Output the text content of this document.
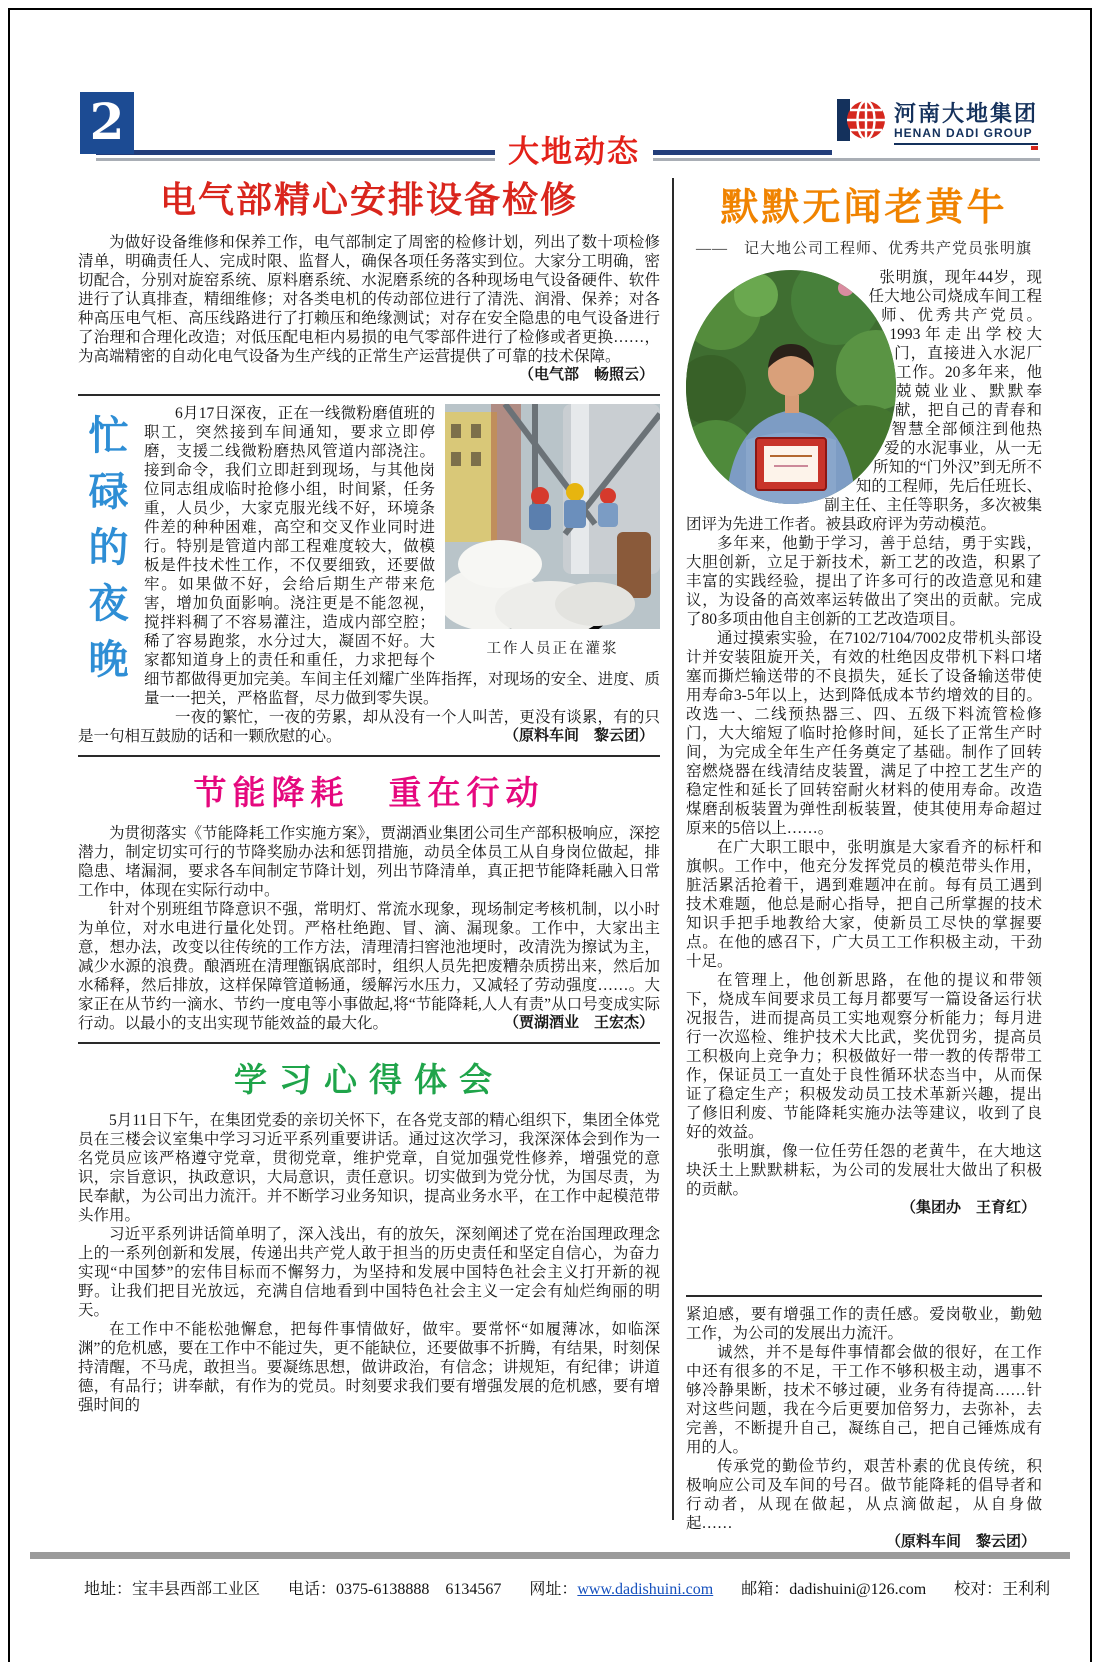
2
大地动态
河南大地集团
HENAN DADI GROUP
电气部精心安排设备检修

为做好设备维修和保养工作，电气部制定了周密的检修计划，列出了数十项检修清单，明确责任人、完成时限、监督人，确保各项任务落实到位。大家分工明确，密切配合，分别对旋窑系统、原料磨系统、水泥磨系统的各种现场电气设备硬件、软件进行了认真排查，精细维修；对各类电机的传动部位进行了清洗、润滑、保养；对各种高压电气柜、高压线路进行了打赖压和绝缘测试；对存在安全隐患的电气设备进行了治理和合理化改造；对低压配电柜内易损的电气零部件进行了检修或者更换……，为高端精密的自动化电气设备为生产线的正常生产运营提供了可靠的技术保障。

（电气部　畅照云）
忙碌的夜晚	工作人员正在灌浆

6月17日深夜，正在一线微粉磨值班的职工，突然接到车间通知，要求立即停磨，支援二线微粉磨热风管道内部浇注。接到命令，我们立即赶到现场，与其他岗位同志组成临时抢修小组，时间紧，任务重，人员少，大家克服光线不好，环境条件差的种种困难，高空和交叉作业同时进行。特别是管道内部工程难度较大，做模板是件技术性工作，不仅要细致，还要做牢。如果做不好，会给后期生产带来危害，增加负面影响。浇注更是不能忽视，搅拌料稠了不容易灌注，造成内部空腔；稀了容易跑浆，水分过大，凝固不好。大家都知道身上的责任和重任，力求把每个细节都做得更加完美。车间主任刘耀广坐阵指挥，对现场的安全、进度、质量一一把关，严格监督，尽力做到零失误。

一夜的繁忙，一夜的劳累，却从没有一个人叫苦，更没有谈累，有的只是一句相互鼓励的话和一颗欣慰的心。	（原料车间　黎云团）
节能降耗　重在行动

为贯彻落实《节能降耗工作实施方案》，贾湖酒业集团公司生产部积极响应，深挖潜力，制定切实可行的节降奖励办法和惩罚措施，动员全体员工从自身岗位做起，排隐患、堵漏洞，要求各车间制定节降计划，列出节降清单，真正把节能降耗融入日常工作中，体现在实际行动中。

针对个别班组节降意识不强，常明灯、常流水现象，现场制定考核机制，以小时为单位，对水电进行量化处罚。严格杜绝跑、冒、滴、漏现象。工作中，大家出主意，想办法，改变以往传统的工作方法，清理清扫窖池池埂时，改清洗为擦试为主，减少水源的浪费。酿酒班在清理甑锅底部时，组织人员先把废糟杂质捞出来，然后加水稀释，然后排放，这样保障管道畅通，缓解污水压力，又减轻了劳动强度……。大家正在从节约一滴水、节约一度电等小事做起,将“节能降耗,人人有责”从口号变成实际行动。以最小的支出实现节能效益的最大化。	（贾湖酒业　王宏杰）
学习心得体会

5月11日下午，在集团党委的亲切关怀下，在各党支部的精心组织下，集团全体党员在三楼会议室集中学习习近平系列重要讲话。通过这次学习，我深深体会到作为一名党员应该严格遵守党章，贯彻党章，维护党章，自觉加强党性修养，增强党的意识，宗旨意识，执政意识，大局意识，责任意识。切实做到为党分忧，为国尽责，为民奉献，为公司出力流汗。并不断学习业务知识，提高业务水平，在工作中起模范带头作用。

习近平系列讲话简单明了，深入浅出，有的放矢，深刻阐述了党在治国理政理念上的一系列创新和发展，传递出共产党人敢于担当的历史责任和坚定自信心，为奋力实现“中国梦”的宏伟目标而不懈努力，为坚持和发展中国特色社会主义打开新的视野。让我们把目光放远，充满自信地看到中国特色社会主义一定会有灿烂绚丽的明天。

在工作中不能松弛懈怠，把每件事情做好，做牢。要常怀“如履薄冰，如临深渊”的危机感，要在工作中不能过失，更不能缺位，还要做事不折腾，有结果，时刻保持清醒，不马虎，敢担当。要凝练思想，做讲政治，有信念；讲规矩，有纪律；讲道德，有品行；讲奉献，有作为的党员。时刻要求我们要有增强发展的危机感，要有增强时间的

默默无闻老黄牛
——　记大地公司工程师、优秀共产党员张明旗

张明旗，现年44岁，现任大地公司烧成车间工程师、优秀共产党员。1993年走出学校大门，直接进入水泥厂工作。20多年来，他兢兢业业、默默奉献，把自己的青春和智慧全部倾注到他热爱的水泥事业，从一无所知的“门外汉”到无所不知的工程师，先后任班长、副主任、主任等职务，多次被集团评为先进工作者。被县政府评为劳动模范。

多年来，他勤于学习，善于总结，勇于实践，大胆创新，立足于新技术，新工艺的改造，积累了丰富的实践经验，提出了许多可行的改造意见和建议，为设备的高效率运转做出了突出的贡献。完成了80多项由他自主创新的工艺改造项目。

通过摸索实验，在7102/7104/7002皮带机头部设计并安装阻旋开关，有效的杜绝因皮带机下料口堵塞而撕烂输送带的不良损失，延长了设备输送带使用寿命3-5年以上，达到降低成本节约增效的目的。改选一、二线预热器三、四、五级下料流管检修门，大大缩短了临时抢修时间，延长了正常生产时间，为完成全年生产任务奠定了基础。制作了回转窑燃烧器在线清结皮装置，满足了中控工艺生产的稳定性和延长了回转窑耐火材料的使用寿命。改造煤磨刮板装置为弹性刮板装置，使其使用寿命超过原来的5倍以上……。

在广大职工眼中，张明旗是大家看齐的标杆和旗帜。工作中，他充分发挥党员的模范带头作用，脏活累活抢着干，遇到难题冲在前。每有员工遇到技术难题，他总是耐心指导，把自己所掌握的技术知识手把手地教给大家，使新员工尽快的掌握要点。在他的感召下，广大员工工作积极主动，干劲十足。

在管理上，他创新思路，在他的提议和带领下，烧成车间要求员工每月都要写一篇设备运行状况报告，进而提高员工实地观察分析能力；每月进行一次巡检、维护技术大比武，奖优罚劣，提高员工积极向上竞争力；积极做好一带一教的传帮带工作，保证员工一直处于良性循环状态当中，从而保证了稳定生产；积极发动员工技术革新兴趣，提出了修旧利废、节能降耗实施办法等建议，收到了良好的效益。

张明旗，像一位任劳任怨的老黄牛，在大地这块沃土上默默耕耘，为公司的发展壮大做出了积极的贡献。

（集团办　王育红）

紧迫感，要有增强工作的责任感。爱岗敬业，勤勉工作，为公司的发展出力流汗。

诚然，并不是每件事情都会做的很好，在工作中还有很多的不足，干工作不够积极主动，遇事不够冷静果断，技术不够过硬，业务有待提高……针对这些问题，我在今后更要加倍努力，去弥补，去完善，不断提升自己，凝练自己，把自己锤炼成有用的人。

传承党的勤俭节约，艰苦朴素的优良传统，积极响应公司及车间的号召。做节能降耗的倡导者和行动者，从现在做起，从点滴做起，从自身做起……

（原料车间　黎云团）
地址：宝丰县西部工业区 电话：0375-6138888　6134567 网址：www.dadishuini.com 邮箱：dadishuini@126.com 校对：王利利
